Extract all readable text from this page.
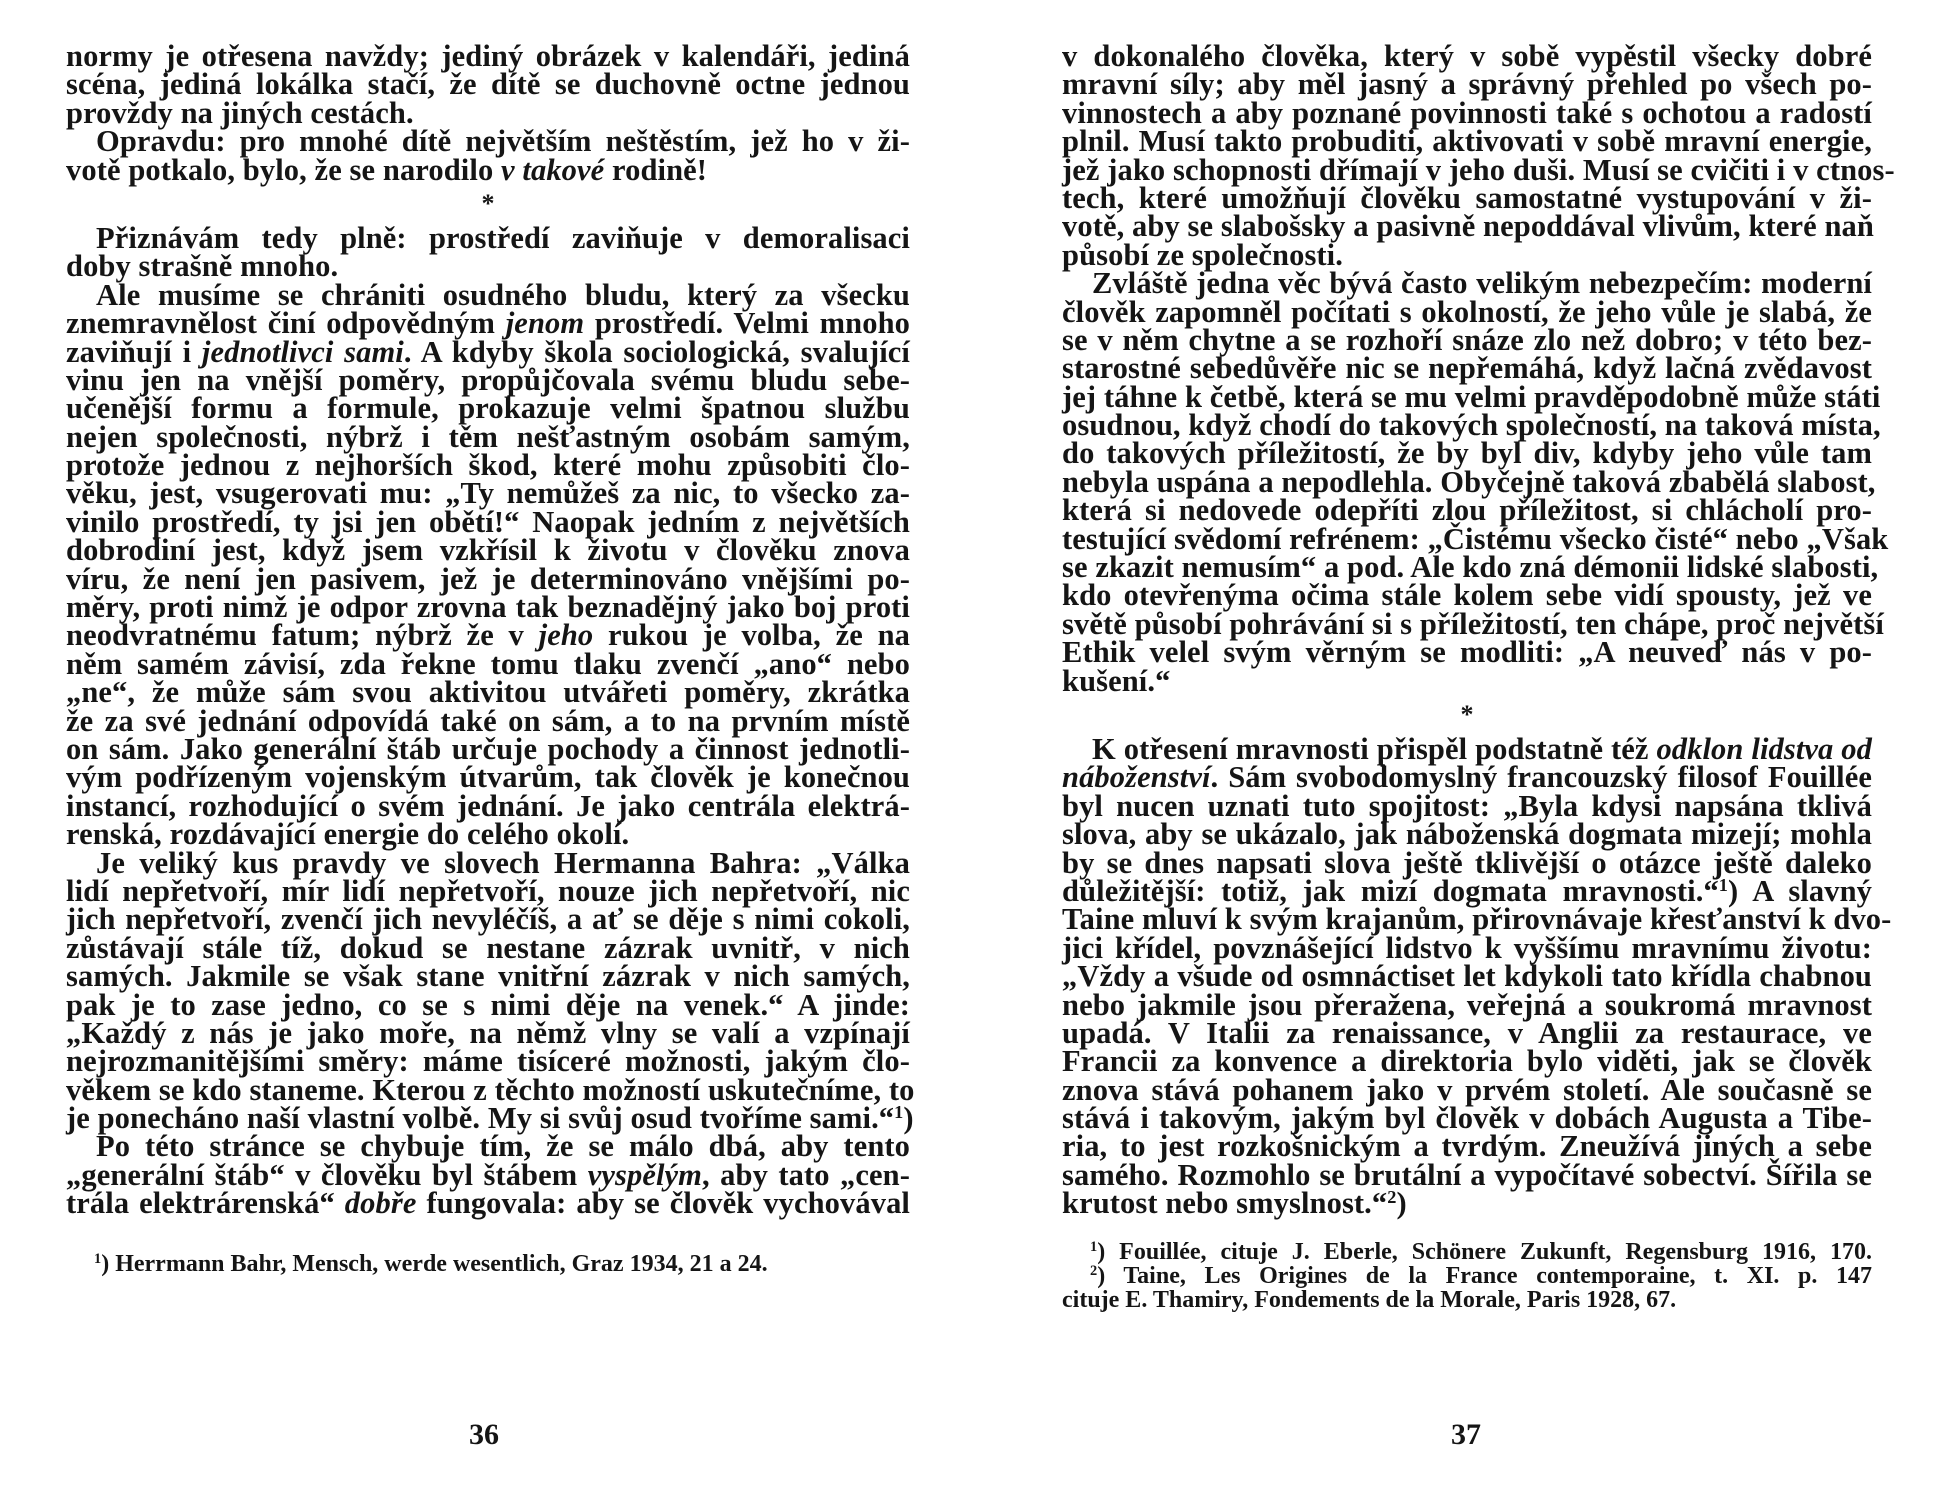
normy je otřesena navždy; jediný obrázek v kalendáři, jediná
scéna, jediná lokálka stačí, že dítě se duchovně octne jednou
provždy na jiných cestách.
Opravdu: pro mnohé dítě největším neštěstím, jež ho v ži-
votě potkalo, bylo, že se narodilo v takové rodině!
*
Přiznávám tedy plně: prostředí zaviňuje v demoralisaci
doby strašně mnoho.
Ale musíme se chrániti osudného bludu, který za všecku
znemravnělost činí odpovědným jenom prostředí. Velmi mnoho
zaviňují i jednotlivci sami. A kdyby škola sociologická, svalující
vinu jen na vnější poměry, propůjčovala svému bludu sebe-
učenější formu a formule, prokazuje velmi špatnou službu
nejen společnosti, nýbrž i těm nešťastným osobám samým,
protože jednou z nejhorších škod, které mohu způsobiti člo-
věku, jest, vsugerovati mu: „Ty nemůžeš za nic, to všecko za-
vinilo prostředí, ty jsi jen obětí!“ Naopak jedním z největších
dobrodiní jest, když jsem vzkřísil k životu v člověku znova
víru, že není jen pasivem, jež je determinováno vnějšími po-
měry, proti nimž je odpor zrovna tak beznadějný jako boj proti
neodvratnému fatum; nýbrž že v jeho rukou je volba, že na
něm samém závisí, zda řekne tomu tlaku zvenčí „ano“ nebo
„ne“, že může sám svou aktivitou utvářeti poměry, zkrátka
že za své jednání odpovídá také on sám, a to na prvním místě
on sám. Jako generální štáb určuje pochody a činnost jednotli-
vým podřízeným vojenským útvarům, tak člověk je konečnou
instancí, rozhodující o svém jednání. Je jako centrála elektrá-
renská, rozdávající energie do celého okolí.
Je veliký kus pravdy ve slovech Hermanna Bahra: „Válka
lidí nepřetvoří, mír lidí nepřetvoří, nouze jich nepřetvoří, nic
jich nepřetvoří, zvenčí jich nevyléčíš, a ať se děje s nimi cokoli,
zůstávají stále tíž, dokud se nestane zázrak uvnitř, v nich
samých. Jakmile se však stane vnitřní zázrak v nich samých,
pak je to zase jedno, co se s nimi děje na venek.“ A jinde:
„Každý z nás je jako moře, na němž vlny se valí a vzpínají
nejrozmanitějšími směry: máme tisíceré možnosti, jakým člo-
věkem se kdo staneme. Kterou z těchto možností uskutečníme, to
je ponecháno naší vlastní volbě. My si svůj osud tvoříme sami.“$^1$)
Po této stránce se chybuje tím, že se málo dbá, aby tento
„generální štáb“ v člověku byl štábem vyspělým, aby tato „cen-
trála elektrárenská“ dobře fungovala: aby se člověk vychovával
$^1$) Herrmann Bahr, Mensch, werde wesentlich, Graz 1934, 21 a 24.
36
v dokonalého člověka, který v sobě vypěstil všecky dobré
mravní síly; aby měl jasný a správný přehled po všech po-
vinnostech a aby poznané povinnosti také s ochotou a radostí
plnil. Musí takto probuditi, aktivovati v sobě mravní energie,
jež jako schopnosti dřímají v jeho duši. Musí se cvičiti i v ctnos-
tech, které umožňují člověku samostatné vystupování v ži-
votě, aby se slabošsky a pasivně nepoddával vlivům, které naň
působí ze společnosti.
Zvláště jedna věc bývá často velikým nebezpečím: moderní
člověk zapomněl počítati s okolností, že jeho vůle je slabá, že
se v něm chytne a se rozhoří snáze zlo než dobro; v této bez-
starostné sebedůvěře nic se nepřemáhá, když lačná zvědavost
jej táhne k četbě, která se mu velmi pravděpodobně může státi
osudnou, když chodí do takových společností, na taková místa,
do takových příležitostí, že by byl div, kdyby jeho vůle tam
nebyla uspána a nepodlehla. Obyčejně taková zbabělá slabost,
která si nedovede odepříti zlou příležitost, si chlácholí pro-
testující svědomí refrénem: „Čistému všecko čisté“ nebo „Však
se zkazit nemusím“ a pod. Ale kdo zná démonii lidské slabosti,
kdo otevřenýma očima stále kolem sebe vidí spousty, jež ve
světě působí pohrávání si s příležitostí, ten chápe, proč největší
Ethik velel svým věrným se modliti: „A neuveď nás v po-
kušení.“
*
K otřesení mravnosti přispěl podstatně též odklon lidstva od
náboženství. Sám svobodomyslný francouzský filosof Fouillée
byl nucen uznati tuto spojitost: „Byla kdysi napsána tklivá
slova, aby se ukázalo, jak náboženská dogmata mizejí; mohla
by se dnes napsati slova ještě tklivější o otázce ještě daleko
důležitější: totiž, jak mizí dogmata mravnosti.“$^1$) A slavný
Taine mluví k svým krajanům, přirovnávaje křesťanství k dvo-
jici křídel, povznášející lidstvo k vyššímu mravnímu životu:
„Vždy a všude od osmnáctiset let kdykoli tato křídla chabnou
nebo jakmile jsou přeražena, veřejná a soukromá mravnost
upadá. V Italii za renaissance, v Anglii za restaurace, ve
Francii za konvence a direktoria bylo viděti, jak se člověk
znova stává pohanem jako v prvém století. Ale současně se
stává i takovým, jakým byl člověk v dobách Augusta a Tibe-
ria, to jest rozkošnickým a tvrdým. Zneužívá jiných a sebe
samého. Rozmohlo se brutální a vypočítavé sobectví. Šířila se
krutost nebo smyslnost.“$^2$)
$^1$) Fouillée, cituje J. Eberle, Schönere Zukunft, Regensburg 1916, 170.
$^2$) Taine, Les Origines de la France contemporaine, t. XI. p. 147
cituje E. Thamiry, Fondements de la Morale, Paris 1928, 67.
37
